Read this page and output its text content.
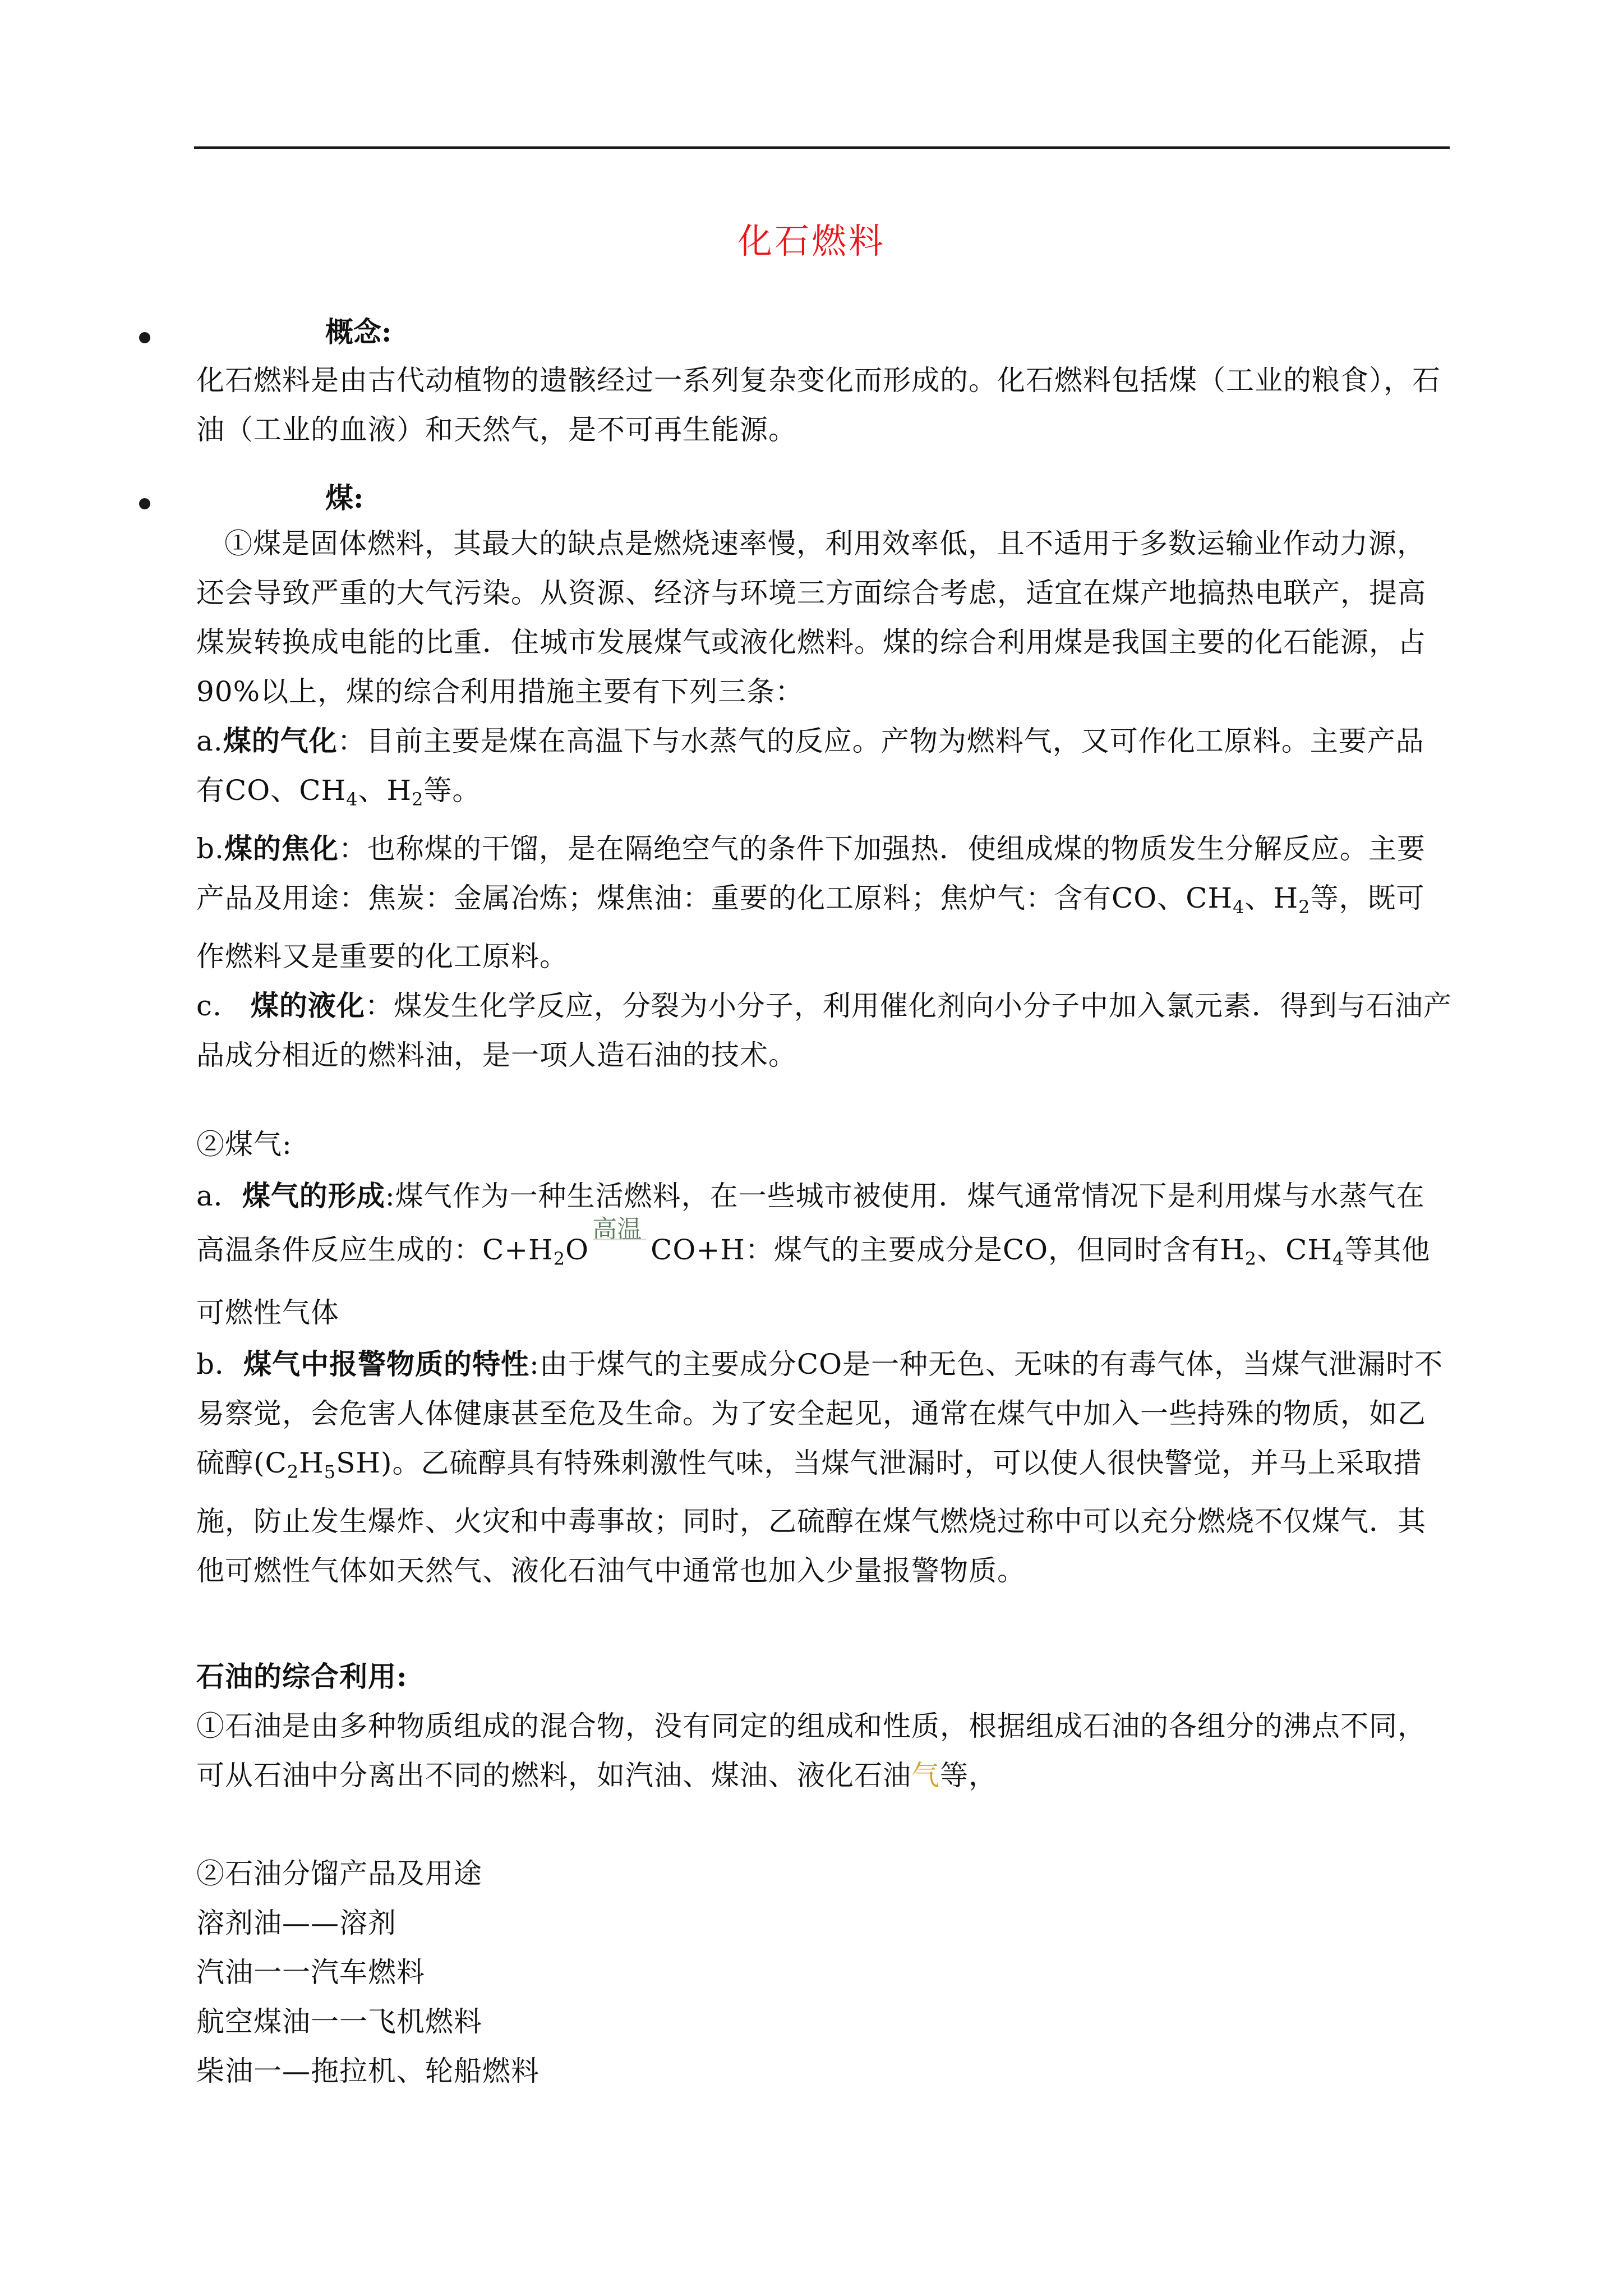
化石燃料
概念:

化石燃料是由古代动植物的遗骸经过一系列复杂变化而形成的。化石燃料包括煤（工业的粮食），石油（工业的血液）和天然气，是不可再生能源。

煤:

①煤是固体燃料，其最大的缺点是燃烧速率慢，利用效率低，且不适用于多数运输业作动力源，还会导致严重的大气污染。从资源、经济与环境三方面综合考虑，适宜在煤产地搞热电联产，提高煤炭转换成电能的比重．住城市发展煤气或液化燃料。煤的综合利用煤是我国主要的化石能源，占90%以上，煤的综合利用措施主要有下列三条：

a.煤的气化：目前主要是煤在高温下与水蒸气的反应。产物为燃料气，又可作化工原料。主要产品有CO、$CH_4$、$H_2$等。

b.煤的焦化：也称煤的干馏，是在隔绝空气的条件下加强热．使组成煤的物质发生分解反应。主要产品及用途：焦炭：金属冶炼；煤焦油：重要的化工原料；焦炉气：含有CO、$CH_4$、$H_2$等，既可作燃料又是重要的化工原料。

c.　煤的液化：煤发生化学反应，分裂为小分子，利用催化剂向小分子中加入氯元素．得到与石油产品成分相近的燃料油，是一项人造石油的技术。

②煤气:

a．煤气的形成:煤气作为一种生活燃料，在一些城市被使用．煤气通常情况下是利用煤与水蒸气在高温条件反应生成的：$C+H_2O$
高温
CO+H：煤气的主要成分是CO，但同时含有$H_2$、$CH_4$等其他可燃性气体

b．煤气中报警物质的特性:由于煤气的主要成分CO是一种无色、无味的有毒气体，当煤气泄漏时不易察觉，会危害人体健康甚至危及生命。为了安全起见，通常在煤气中加入一些持殊的物质，如乙硫醇$(C_2H_5SH)$。乙硫醇具有特殊刺激性气味，当煤气泄漏时，可以使人很快警觉，并马上采取措施，防止发生爆炸、火灾和中毒事故；同时，乙硫醇在煤气燃烧过称中可以充分燃烧不仅煤气．其他可燃性气体如天然气、液化石油气中通常也加入少量报警物质。

石油的综合利用:

①石油是由多种物质组成的混合物，没有同定的组成和性质，根据组成石油的各组分的沸点不同，可从石油中分离出不同的燃料，如汽油、煤油、液化石油气等，

②石油分馏产品及用途

溶剂油——溶剂

汽油一一汽车燃料

航空煤油一一飞机燃料

柴油一—拖拉机、轮船燃料
